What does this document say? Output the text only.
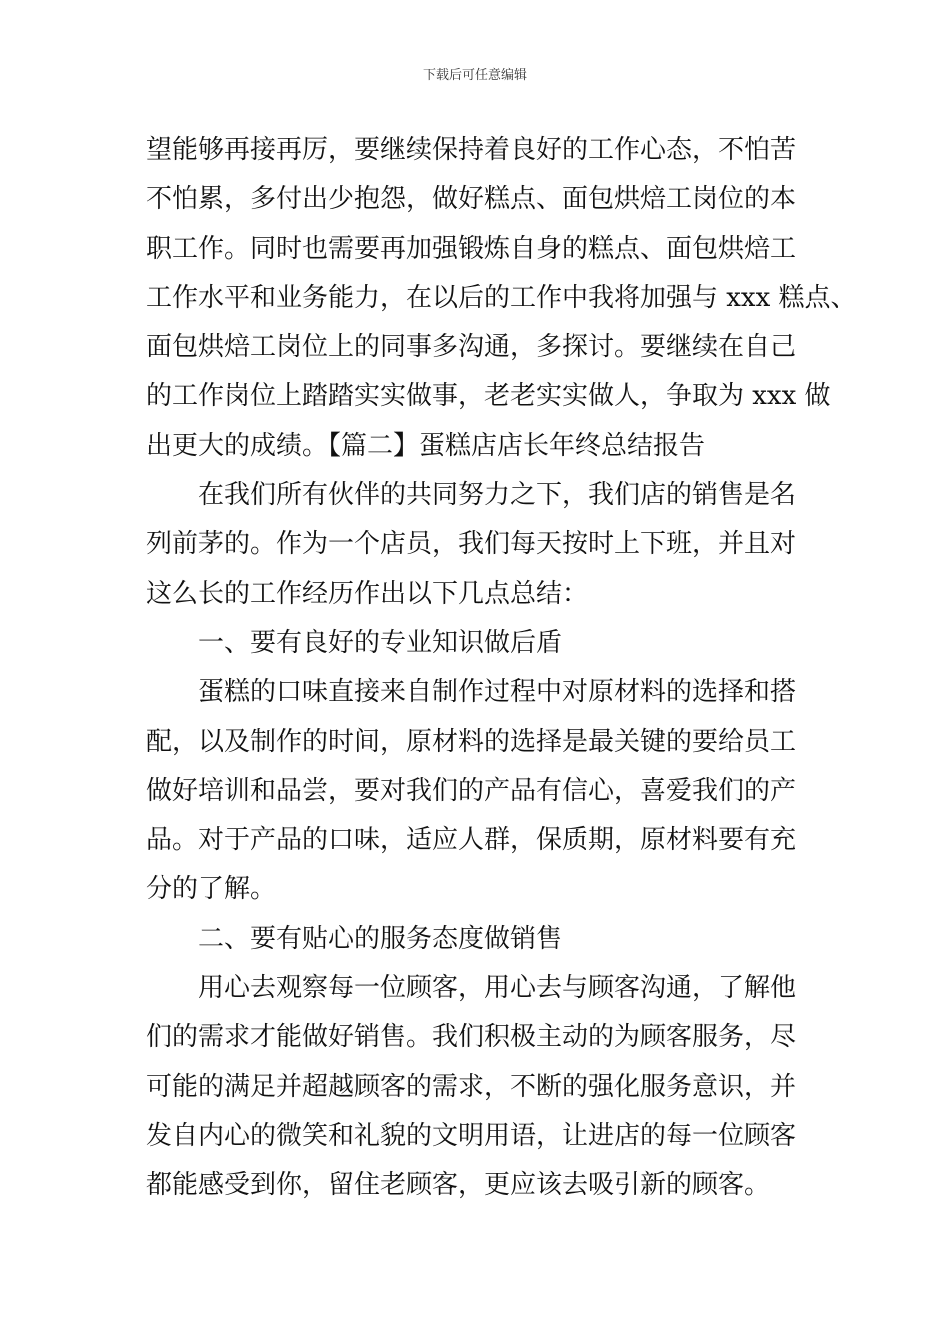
下载后可任意编辑
望能够再接再厉，要继续保持着良好的工作心态，不怕苦
不怕累，多付出少抱怨，做好糕点、面包烘焙工岗位的本
职工作。同时也需要再加强锻炼自身的糕点、面包烘焙工
工作水平和业务能力，在以后的工作中我将加强与 xxx 糕点、
面包烘焙工岗位上的同事多沟通，多探讨。要继续在自己
的工作岗位上踏踏实实做事，老老实实做人，争取为 xxx 做
出更大的成绩。【篇二】蛋糕店店长年终总结报告
在我们所有伙伴的共同努力之下，我们店的销售是名
列前茅的。作为一个店员，我们每天按时上下班，并且对
这么长的工作经历作出以下几点总结：
一、要有良好的专业知识做后盾
蛋糕的口味直接来自制作过程中对原材料的选择和搭
配，以及制作的时间，原材料的选择是最关键的要给员工
做好培训和品尝，要对我们的产品有信心，喜爱我们的产
品。对于产品的口味，适应人群，保质期，原材料要有充
分的了解。
二、要有贴心的服务态度做销售
用心去观察每一位顾客，用心去与顾客沟通，了解他
们的需求才能做好销售。我们积极主动的为顾客服务，尽
可能的满足并超越顾客的需求，不断的强化服务意识，并
发自内心的微笑和礼貌的文明用语，让进店的每一位顾客
都能感受到你，留住老顾客，更应该去吸引新的顾客。
